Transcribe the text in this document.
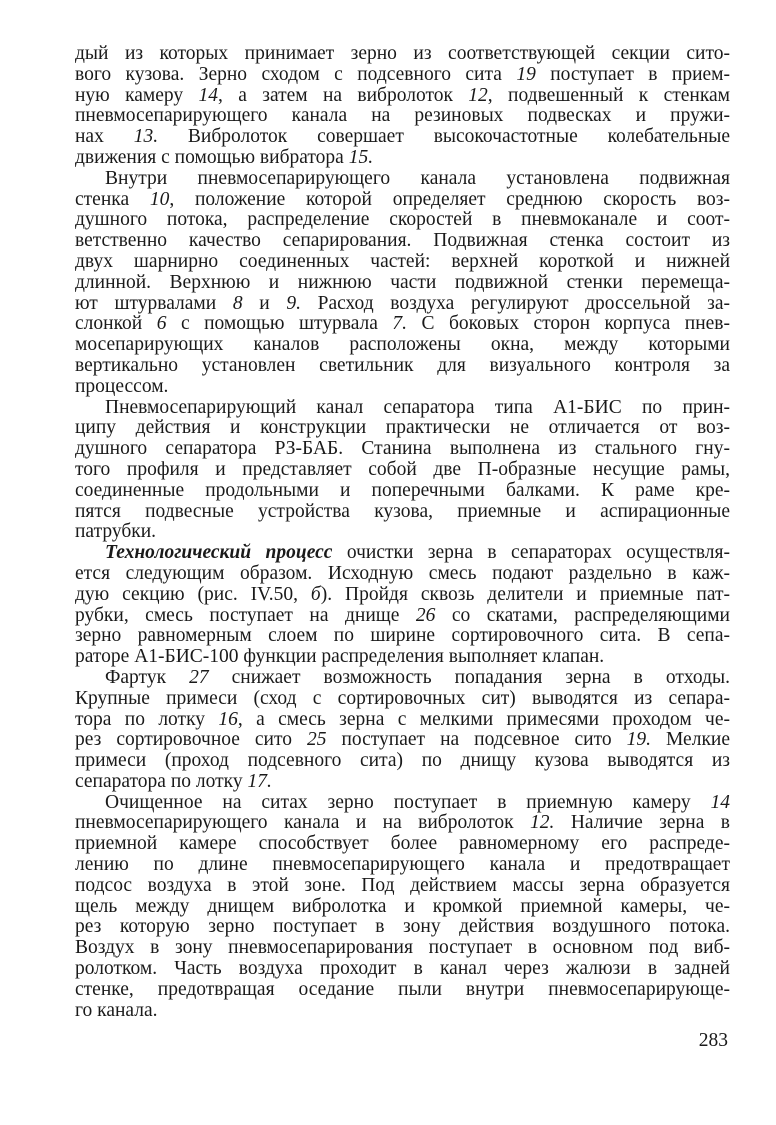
дый из которых принимает зерно из соответствующей секции сито-
вого кузова. Зерно сходом с подсевного сита 19 поступает в прием-
ную камеру 14, а затем на вибролоток 12, подвешенный к стенкам
пневмосепарирующего канала на резиновых подвесках и пружи-
нах 13. Вибролоток совершает высокочастотные колебательные
движения с помощью вибратора 15.
Внутри пневмосепарирующего канала установлена подвижная
стенка 10, положение которой определяет среднюю скорость воз-
душного потока, распределение скоростей в пневмоканале и соот-
ветственно качество сепарирования. Подвижная стенка состоит из
двух шарнирно соединенных частей: верхней короткой и нижней
длинной. Верхнюю и нижнюю части подвижной стенки перемеща-
ют штурвалами 8 и 9. Расход воздуха регулируют дроссельной за-
слонкой 6 с помощью штурвала 7. С боковых сторон корпуса пнев-
мосепарирующих каналов расположены окна, между которыми
вертикально установлен светильник для визуального контроля за
процессом.
Пневмосепарирующий канал сепаратора типа А1-БИС по прин-
ципу действия и конструкции практически не отличается от воз-
душного сепаратора РЗ-БАБ. Станина выполнена из стального гну-
того профиля и представляет собой две П-образные несущие рамы,
соединенные продольными и поперечными балками. К раме кре-
пятся подвесные устройства кузова, приемные и аспирационные
патрубки.
Технологический процесс очистки зерна в сепараторах осуществля-
ется следующим образом. Исходную смесь подают раздельно в каж-
дую секцию (рис. IV.50, б). Пройдя сквозь делители и приемные пат-
рубки, смесь поступает на днище 26 со скатами, распределяющими
зерно равномерным слоем по ширине сортировочного сита. В сепа-
раторе А1-БИС-100 функции распределения выполняет клапан.
Фартук 27 снижает возможность попадания зерна в отходы.
Крупные примеси (сход с сортировочных сит) выводятся из сепара-
тора по лотку 16, а смесь зерна с мелкими примесями проходом че-
рез сортировочное сито 25 поступает на подсевное сито 19. Мелкие
примеси (проход подсевного сита) по днищу кузова выводятся из
сепаратора по лотку 17.
Очищенное на ситах зерно поступает в приемную камеру 14
пневмосепарирующего канала и на вибролоток 12. Наличие зерна в
приемной камере способствует более равномерному его распреде-
лению по длине пневмосепарирующего канала и предотвращает
подсос воздуха в этой зоне. Под действием массы зерна образуется
щель между днищем вибролотка и кромкой приемной камеры, че-
рез которую зерно поступает в зону действия воздушного потока.
Воздух в зону пневмосепарирования поступает в основном под виб-
ролотком. Часть воздуха проходит в канал через жалюзи в задней
стенке, предотвращая оседание пыли внутри пневмосепарирующе-
го канала.
283
